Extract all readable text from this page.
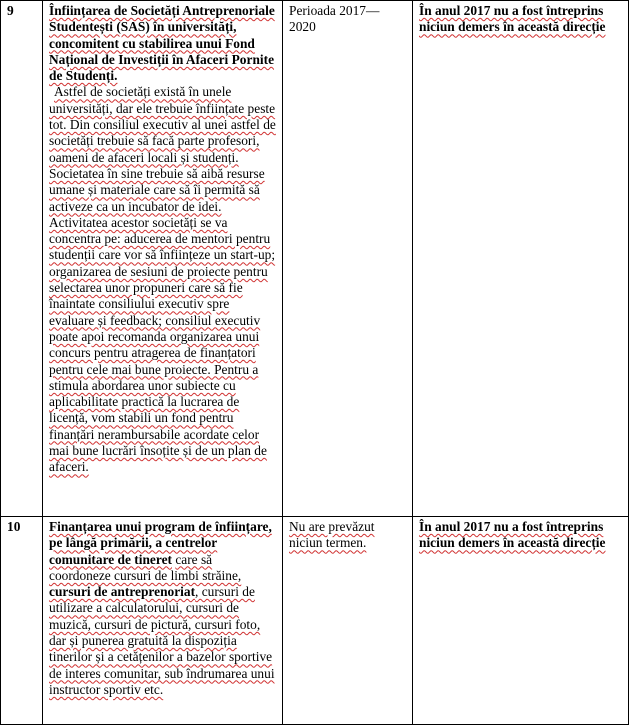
9	Înființarea de Societăți Antreprenoriale Studentești (SAS) în universități, concomitent cu stabilirea unui Fond Național de Investiții în Afaceri Pornite de Studenți.
Astfel de societăți există în unele universități, dar ele trebuie înființate peste tot. Din consiliul executiv al unei astfel de societăți trebuie să facă parte profesori, oameni de afaceri locali și studenți. Societatea în sine trebuie să aibă resurse umane și materiale care să îi permită să activeze ca un incubator de idei. Activitatea acestor societăți se va concentra pe: aducerea de mentori pentru studenții care vor să înființeze un start-up; organizarea de sesiuni de proiecte pentru selectarea unor propuneri care să fie înaintate consiliului executiv spre evaluare și feedback; consiliul executiv poate apoi recomanda organizarea unui concurs pentru atragerea de finanțatori pentru cele mai bune proiecte. Pentru a stimula abordarea unor subiecte cu aplicabilitate practică la lucrarea de licență, vom stabili un fond pentru finanțări nerambursabile acordate celor mai bune lucrări însoțite și de un plan de afaceri.	Perioada 2017—2020	În anul 2017 nu a fost întreprins niciun demers în această direcție
10	Finanțarea unui program de înființare, pe lângă primării, a centrelor comunitare de tineret care să coordoneze cursuri de limbi străine, cursuri de antreprenoriat, cursuri de utilizare a calculatorului, cursuri de muzică, cursuri de pictură, cursuri foto, dar și punerea gratuită la dispoziția tinerilor și a cetățenilor a bazelor sportive de interes comunitar, sub îndrumarea unui instructor sportiv etc.	Nu are prevăzut niciun termen.	În anul 2017 nu a fost întreprins niciun demers în această direcție
